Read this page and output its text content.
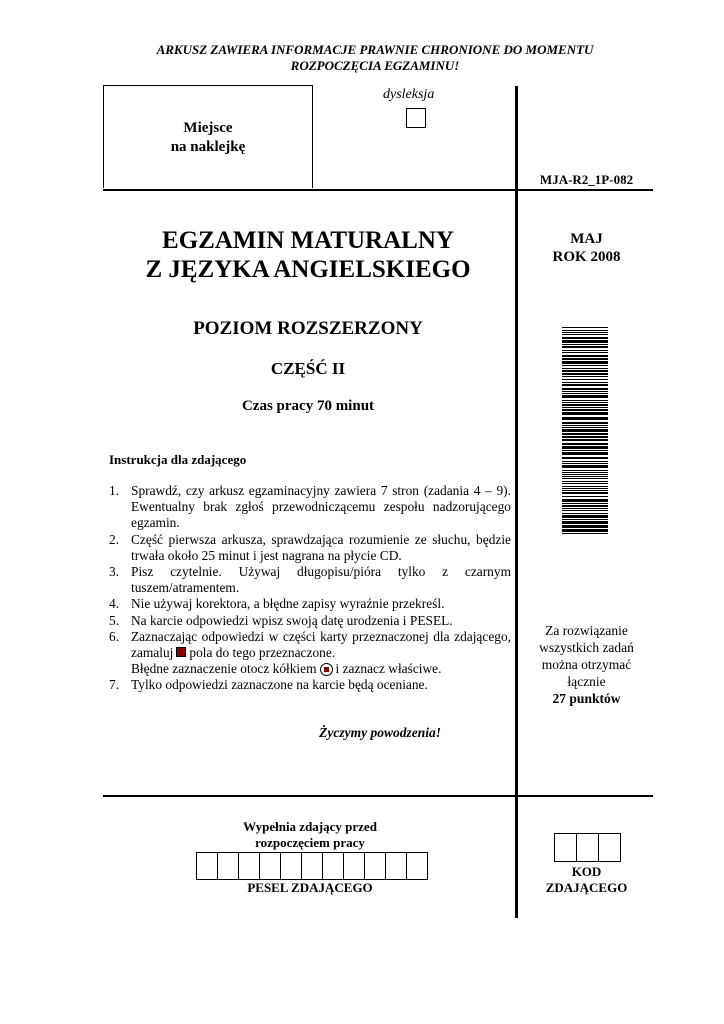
ARKUSZ ZAWIERA INFORMACJE PRAWNIE CHRONIONE DO MOMENTU
ROZPOCZĘCIA EGZAMINU!
Miejsce
na naklejkę
dysleksja
MJA-R2_1P-082
EGZAMIN MATURALNY
Z JĘZYKA ANGIELSKIEGO
MAJ
ROK 2008
POZIOM ROZSZERZONY
CZĘŚĆ II
Czas pracy 70 minut
Instrukcja dla zdającego
1. Sprawdź, czy arkusz egzaminacyjny zawiera 7 stron (zadania 4 – 9). Ewentualny brak zgłoś przewodniczącemu zespołu nadzorującego egzamin.
2. Część pierwsza arkusza, sprawdzająca rozumienie ze słuchu, będzie trwała około 25 minut i jest nagrana na płycie CD.
3. Pisz czytelnie. Używaj długopisu/pióra tylko z czarnym tuszem/atramentem.
4. Nie używaj korektora, a błędne zapisy wyraźnie przekreśl.
5. Na karcie odpowiedzi wpisz swoją datę urodzenia i PESEL.
6. Zaznaczając odpowiedzi w części karty przeznaczonej dla zdającego, zamaluj pola do tego przeznaczone.
Błędne zaznaczenie otocz kółkiem i zaznacz właściwe.
7. Tylko odpowiedzi zaznaczone na karcie będą oceniane.
Życzymy powodzenia!
Za rozwiązanie
wszystkich zadań
można otrzymać
łącznie
27 punktów
Wypełnia zdający przed
rozpoczęciem pracy
PESEL ZDAJĄCEGO
KOD
ZDAJĄCEGO
